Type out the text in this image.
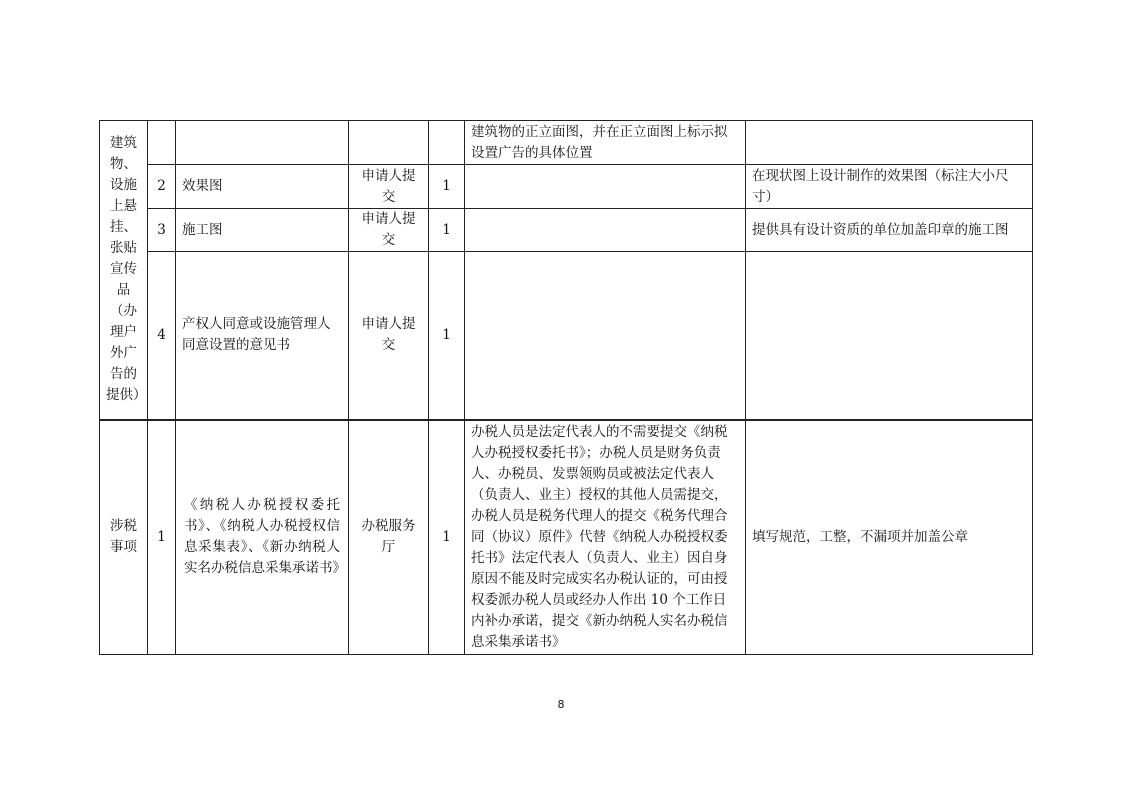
建筑物、设施上悬挂、张贴宣传品（办理户外广告的提供）					建筑物的正立面图，并在正立面图上标示拟设置广告的具体位置	
	2	效果图	申请人提交	1		在现状图上设计制作的效果图（标注大小尺寸）
	3	施工图	申请人提交	1		提供具有设计资质的单位加盖印章的施工图
	4	产权人同意或设施管理人同意设置的意见书	申请人提交	1		
涉税事项	1	《纳税人办税授权委托书》、《纳税人办税授权信息采集表》、《新办纳税人实名办税信息采集承诺书》	办税服务厅	1	办税人员是法定代表人的不需要提交《纳税人办税授权委托书》；办税人员是财务负责人、办税员、发票领购员或被法定代表人（负责人、业主）授权的其他人员需提交，办税人员是税务代理人的提交《税务代理合同（协议）原件》代替《纳税人办税授权委托书》法定代表人（负责人、业主）因自身原因不能及时完成实名办税认证的，可由授权委派办税人员或经办人作出 10 个工作日内补办承诺，提交《新办纳税人实名办税信息采集承诺书》	填写规范，工整，不漏项并加盖公章
8
